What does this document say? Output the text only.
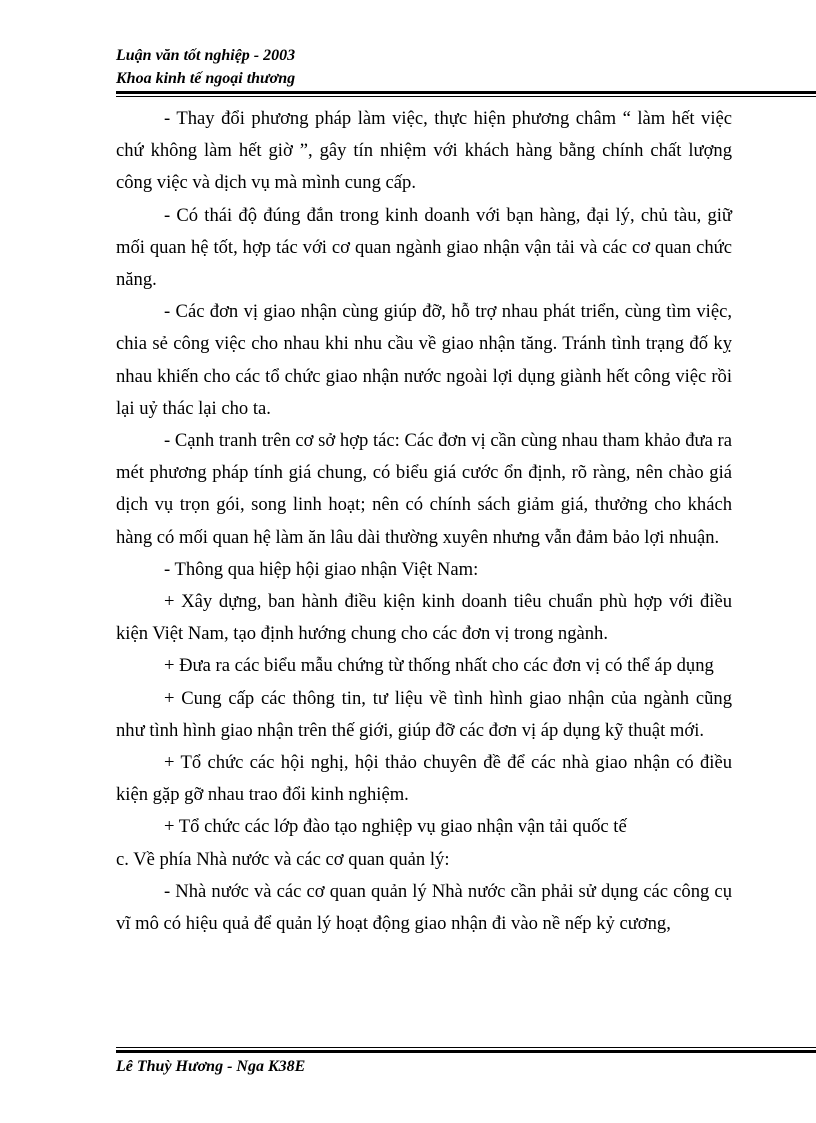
Luận văn tốt nghiệp - 2003
Khoa kinh tế ngoại thương

- Thay đổi phương pháp làm việc, thực hiện phương châm “ làm hết việc chứ không làm hết giờ ”, gây tín nhiệm với khách hàng bằng chính chất lượng công việc và dịch vụ mà mình cung cấp.

- Có thái độ đúng đắn trong kinh doanh với bạn hàng, đại lý, chủ tàu, giữ mối quan hệ tốt, hợp tác với cơ quan ngành giao nhận vận tải và các cơ quan chức năng.

- Các đơn vị giao nhận cùng giúp đỡ, hỗ trợ nhau phát triển, cùng tìm việc, chia sẻ công việc cho nhau khi nhu cầu về giao nhận tăng. Tránh tình trạng đố kỵ nhau khiến cho các tổ chức giao nhận nước ngoài lợi dụng giành hết công việc rồi lại uỷ thác lại cho ta.

- Cạnh tranh trên cơ sở hợp tác: Các đơn vị cần cùng nhau tham khảo đưa ra mét phương pháp tính giá chung, có biểu giá cước ổn định, rõ ràng, nên chào giá dịch vụ trọn gói, song linh hoạt; nên có chính sách giảm giá, thưởng cho khách hàng có mối quan hệ làm ăn lâu dài thường xuyên nhưng vẫn đảm bảo lợi nhuận.

- Thông qua hiệp hội giao nhận Việt Nam:

+ Xây dựng, ban hành điều kiện kinh doanh tiêu chuẩn phù hợp với điều kiện Việt Nam, tạo định hướng chung cho các đơn vị trong ngành.

+ Đưa ra các biểu mẫu chứng từ thống nhất cho các đơn vị có thể áp dụng

+ Cung cấp các thông tin, tư liệu về tình hình giao nhận của ngành cũng như tình hình giao nhận trên thế giới, giúp đỡ các đơn vị áp dụng kỹ thuật mới.

+ Tổ chức các hội nghị, hội thảo chuyên đề để các nhà giao nhận có điều kiện gặp gỡ nhau trao đổi kinh nghiệm.

+ Tổ chức các lớp đào tạo nghiệp vụ giao nhận vận tải quốc tế

c. Về phía Nhà nước và các cơ quan quản lý:

- Nhà nước và các cơ quan quản lý Nhà nước cần phải sử dụng các công cụ vĩ mô có hiệu quả để quản lý hoạt động giao nhận đi vào nề nếp kỷ cương,

Lê Thuỳ Hương - Nga K38E
